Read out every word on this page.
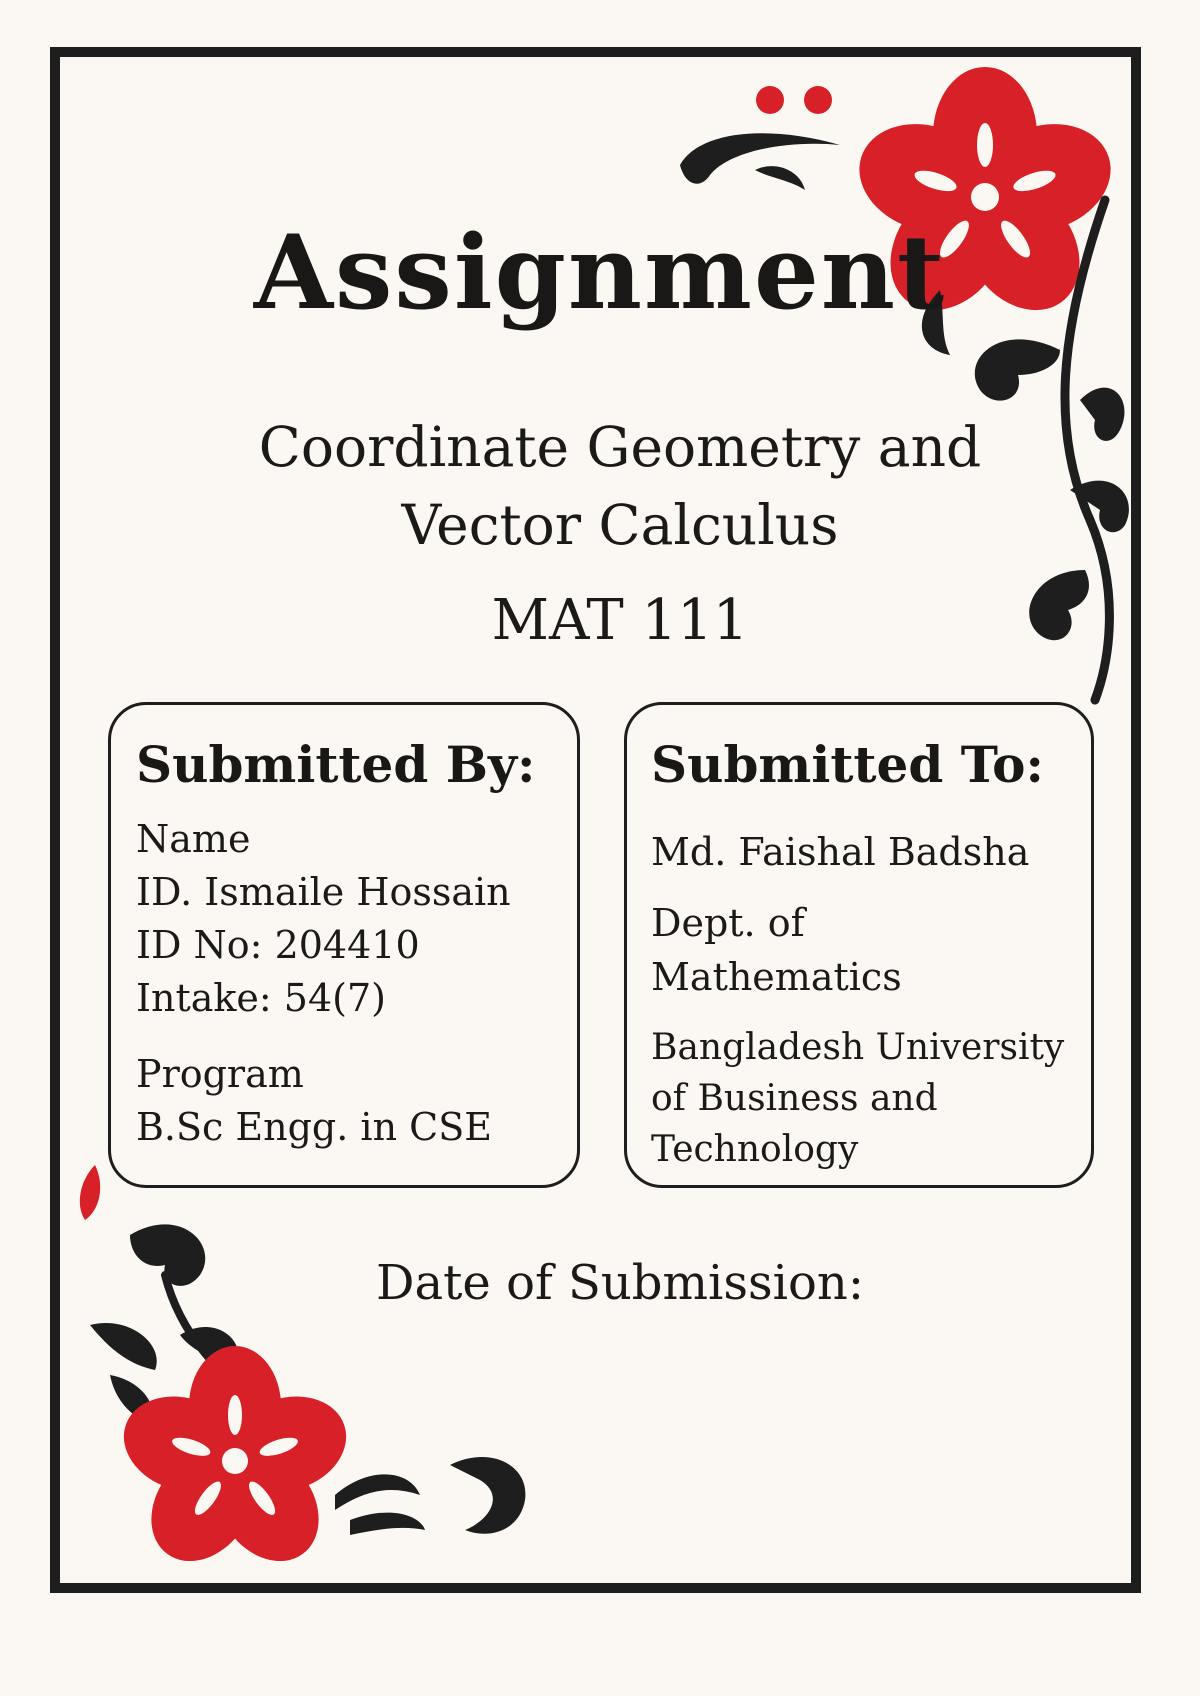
Assignment
Coordinate Geometry and
Vector Calculus
MAT 111
Submitted By:
Name
ID. Ismaile Hossain
ID No: 204410
Intake: 54(7)
Program
B.Sc Engg. in CSE
Submitted To:
Md. Faishal Badsha
Dept. of
Mathematics
Bangladesh University
of Business and
Technology
Date of Submission:
